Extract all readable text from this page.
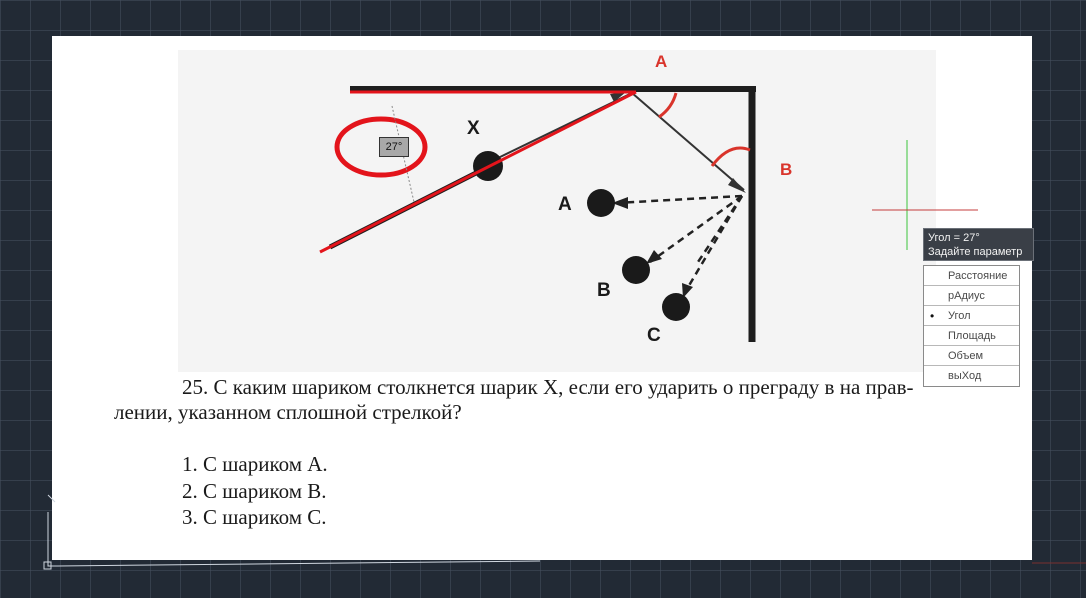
A
B
X
A
B
C
27°
25. С каким шариком столкнется шарик X, если его ударить о преграду в на прав-
лении, указанном сплошной стрелкой?
1. С шариком A.
2. С шариком B.
3. С шариком C.
Угол = 27°
Задайте параметр
Расстояние
рАдиус
• Угол
Площадь
Объем
выХод
